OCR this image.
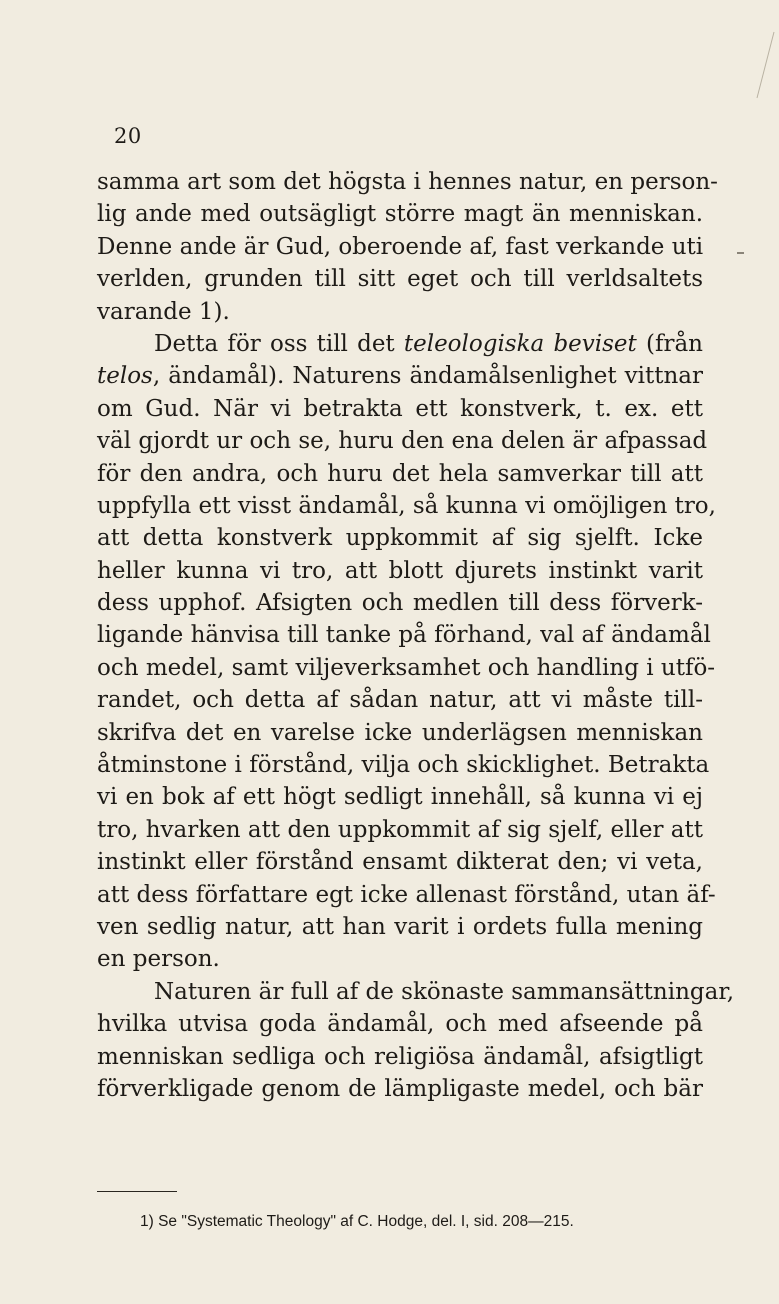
20
samma art som det högsta i hennes natur, en person-
lig ande med outsägligt större magt än menniskan.
Denne ande är Gud, oberoende af, fast verkande uti
verlden, grunden till sitt eget och till verldsaltets
varande 1).
Detta för oss till det teleologiska beviset (från
telos, ändamål). Naturens ändamålsenlighet vittnar
om Gud. När vi betrakta ett konstverk, t. ex. ett
väl gjordt ur och se, huru den ena delen är afpassad
för den andra, och huru det hela samverkar till att
uppfylla ett visst ändamål, så kunna vi omöjligen tro,
att detta konstverk uppkommit af sig sjelft. Icke
heller kunna vi tro, att blott djurets instinkt varit
dess upphof. Afsigten och medlen till dess förverk-
ligande hänvisa till tanke på förhand, val af ändamål
och medel, samt viljeverksamhet och handling i utfö-
randet, och detta af sådan natur, att vi måste till-
skrifva det en varelse icke underlägsen menniskan
åtminstone i förstånd, vilja och skicklighet. Betrakta
vi en bok af ett högt sedligt innehåll, så kunna vi ej
tro, hvarken att den uppkommit af sig sjelf, eller att
instinkt eller förstånd ensamt dikterat den; vi veta,
att dess författare egt icke allenast förstånd, utan äf-
ven sedlig natur, att han varit i ordets fulla mening
en person.
Naturen är full af de skönaste sammansättningar,
hvilka utvisa goda ändamål, och med afseende på
menniskan sedliga och religiösa ändamål, afsigtligt
förverkligade genom de lämpligaste medel, och bär
1) Se "Systematic Theology" af C. Hodge, del. I, sid. 208—215.
